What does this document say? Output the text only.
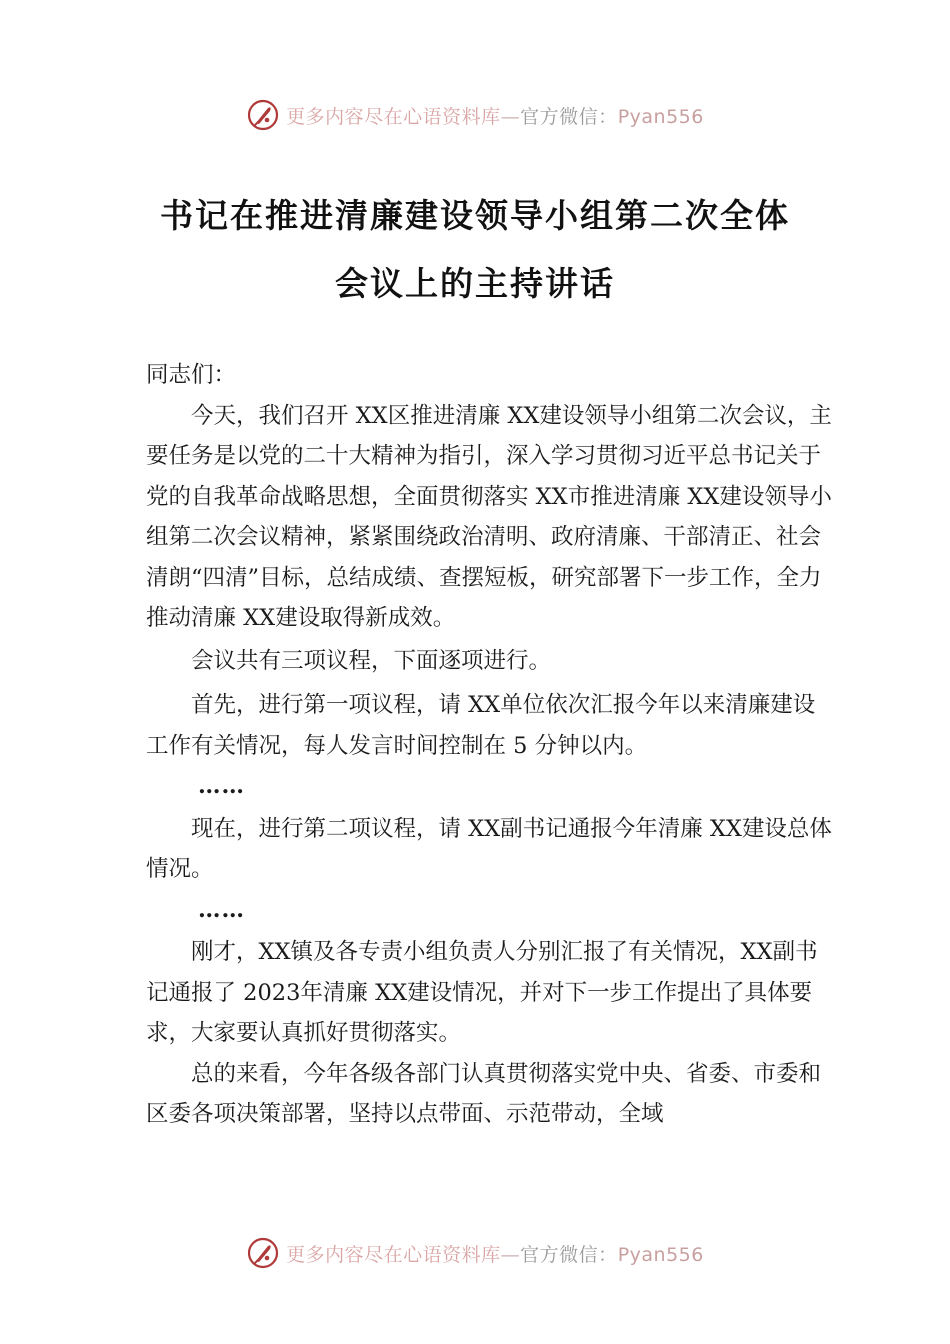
更多内容尽在心语资料库—官方微信：Pyan556
书记在推进清廉建设领导小组第二次全体
会议上的主持讲话

同志们：

今天，我们召开 XX区推进清廉 XX建设领导小组第二次会议，主要任务是以党的二十大精神为指引，深入学习贯彻习近平总书记关于党的自我革命战略思想，全面贯彻落实 XX市推进清廉 XX建设领导小组第二次会议精神，紧紧围绕政治清明、政府清廉、干部清正、社会清朗“四清”目标，总结成绩、查摆短板，研究部署下一步工作，全力推动清廉 XX建设取得新成效。

会议共有三项议程，下面逐项进行。

首先，进行第一项议程，请 XX单位依次汇报今年以来清廉建设工作有关情况，每人发言时间控制在 5 分钟以内。

……

现在，进行第二项议程，请 XX副书记通报今年清廉 XX建设总体情况。

……

刚才，XX镇及各专责小组负责人分别汇报了有关情况，XX副书记通报了 2023年清廉 XX建设情况，并对下一步工作提出了具体要求，大家要认真抓好贯彻落实。

总的来看，今年各级各部门认真贯彻落实党中央、省委、市委和区委各项决策部署，坚持以点带面、示范带动，全域

更多内容尽在心语资料库—官方微信：Pyan556
